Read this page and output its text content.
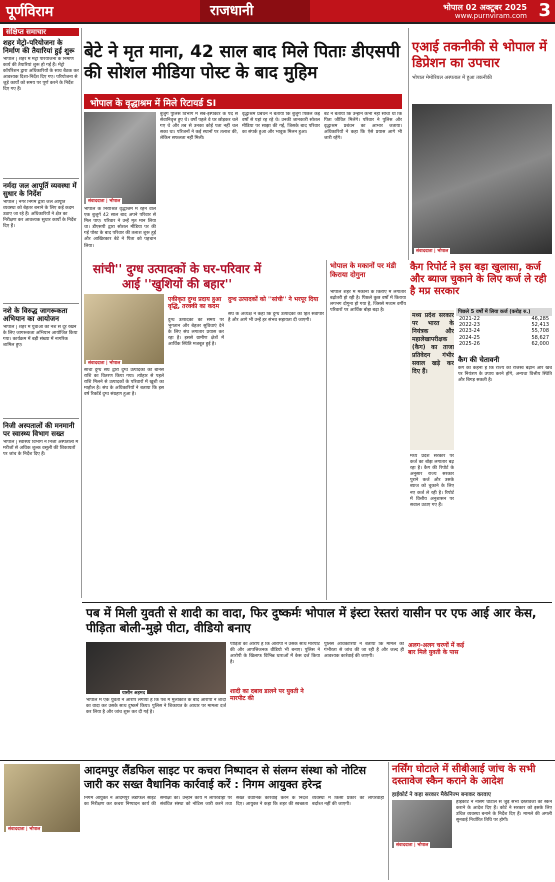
पूर्णविराम	राजधानी	भोपाल 02 अक्टूबर 2025
www.purnviram.com 3
संक्षिप्त समाचार
शहर मेट्रो-परियोजना के निर्माण की तैयारियां हुई शुरू
भोपाल | शहर में मेट्रो परियोजना के निर्माण कार्य की तैयारियां शुरू हो गई हैं। मेट्रो कॉर्पोरेशन द्वारा अधिकारियों के साथ बैठक कर आवश्यक दिशा-निर्देश दिए गए। परियोजना से जुड़े कार्यों को समय पर पूर्ण करने के निर्देश दिए गए हैं।
नर्मदा जल आपूर्ति व्यवस्था में सुधार के निर्देश
भोपाल | नगर निगम द्वारा जल आपूर्ति व्यवस्था को बेहतर बनाने के लिए कई कदम उठाए जा रहे हैं। अधिकारियों ने क्षेत्र का निरीक्षण कर आवश्यक सुधार कार्यों के निर्देश दिए हैं।
नशे के विरुद्ध जागरूकता अभियान का आयोजन
भोपाल | शहर में युवाओं को नशे से दूर रखने के लिए जागरूकता अभियान आयोजित किया गया। कार्यक्रम में बड़ी संख्या में नागरिक शामिल हुए।
निजी अस्पतालों की मनमानी पर स्वास्थ्य विभाग सख्त
भोपाल | स्वास्थ्य विभाग ने निजी अस्पतालों में मरीजों से अधिक शुल्क वसूली की शिकायतों पर जांच के निर्देश दिए हैं।
बेटे ने मृत माना, 42 साल बाद मिले पिताः डीएसपी की सोशल मीडिया पोस्ट के बाद मुहिम
भोपाल के वृद्धाश्रम में मिले रिटायर्ड SI
संवाददाता | भोपाल
भोपाल के निराश्रित वृद्धाश्रम में रहने वाले एक बुजुर्ग 42 साल बाद अपने परिवार से मिल पाए। परिवार ने उन्हें मृत मान लिया था। डीएसपी द्वारा सोशल मीडिया पर की गई पोस्ट के बाद परिवार की तलाश शुरू हुई और आखिरकार बेटे ने पिता को पहचान लिया।
बुजुर्ग पुलिस विभाग में सब-इंस्पेक्टर के पद से सेवानिवृत्त हुए थे। वर्षों पहले वे घर छोड़कर चले गए थे और तब से उनका कोई पता नहीं चल सका था। परिजनों ने कई स्थानों पर तलाश की, लेकिन सफलता नहीं मिली।
वृद्धाश्रम प्रबंधन ने बताया कि बुजुर्ग पिछले कई वर्षों से यहां रह रहे थे। उनकी जानकारी सोशल मीडिया पर साझा की गई, जिसके बाद परिवार का संपर्क हुआ और भावुक मिलन हुआ।
बेटे ने बताया कि उन्होंने कभी नहीं सोचा था कि पिता जीवित मिलेंगे। परिवार ने पुलिस और वृद्धाश्रम प्रबंधन का आभार जताया। अधिकारियों ने कहा कि ऐसे प्रयास आगे भी जारी रहेंगे।
एआई तकनीकी से भोपाल में डिप्रेशन का उपचार
भोपाल मेमोरियल अस्पताल में हुआ तकनीकी
संवाददाता | भोपाल
सांची'' दुग्ध उत्पादकों के घर-परिवार में आई ''खुशियों की बहार''
संवाददाता | भोपाल
सांची दुग्ध संघ द्वारा दुग्ध उत्पादकों को बोनस राशि का वितरण किया गया। त्योहार से पहले राशि मिलने से उत्पादकों के परिवारों में खुशी का माहौल है। संघ के अधिकारियों ने बताया कि इस वर्ष रिकॉर्ड दुग्ध संग्रहण हुआ है।
एकीकृत दुग्ध प्रदाय हुआ वृद्धि, तरक्की का कदम
दुग्ध उत्पादकों को समय पर भुगतान और बेहतर सुविधाएं देने के लिए संघ लगातार प्रयास कर रहा है। इससे ग्रामीण क्षेत्रों में आर्थिक स्थिति मजबूत हुई है।
दुग्ध उत्पादकों को ''सांची'' ने भरपूर दिया
संघ के अध्यक्ष ने कहा कि दुग्ध उत्पादकों का हित सर्वोपरि है और आगे भी उन्हें हर संभव सहायता दी जाएगी।
भोपाल के मकानों पर मंडी किराया दोगुना
भोपाल शहर में मकानों के किराए में लगातार बढ़ोतरी हो रही है। पिछले कुछ वर्षों में किराया लगभग दोगुना हो गया है, जिससे मध्यम वर्गीय परिवारों पर आर्थिक बोझ बढ़ा है।
कैग रिपोर्ट ने इस बड़ा खुलासा, कर्ज और ब्याज चुकाने के लिए कर्ज ले रही है मप्र सरकार
मध्य प्रदेश सरकार पर भारत के नियंत्रक और महालेखापरीक्षक (कैग) का ताजा प्रतिवेदन गंभीर सवाल खड़े कर दिए हैं।
मध्य प्रदेश सरकार पर कर्ज का बोझ लगातार बढ़ रहा है। कैग की रिपोर्ट के अनुसार राज्य सरकार पुराने कर्ज और उसके ब्याज को चुकाने के लिए नए कर्ज ले रही है। रिपोर्ट में वित्तीय अनुशासन पर सवाल उठाए गए हैं।
पिछले 5 वर्षों में लिया कर्ज (करोड़ रु.)
2021-22	46,285
2022-23	52,413
2023-24	55,708
2024-25	58,627
2025-26	62,000
कैग की चेतावनी
कैग का कहना है कि राज्य को राजस्व बढ़ाने और खर्च पर नियंत्रण के उपाय करने होंगे, अन्यथा वित्तीय स्थिति और बिगड़ सकती है।
पब में मिली युवती से शादी का वादा, फिर दुष्कर्मः भोपाल में इंस्टा रेस्तरां यासीन पर एफ आई आर केस, पीड़िता बोली-मुझे पीटा, वीडियो बनाए
यासीन अहमद
भोपाल में एक युवती ने आरोप लगाया है कि पब में मुलाकात के बाद आरोपी ने शादी का वादा कर उसके साथ दुष्कर्म किया। पुलिस ने शिकायत के आधार पर मामला दर्ज कर लिया है और जांच शुरू कर दी गई है।
शादी का दबाव डालने पर युवती ने मारपीट की
पीड़िता का आरोप है कि आरोपी ने उसके साथ मारपीट की और आपत्तिजनक वीडियो भी बनाए। पुलिस ने आरोपी के खिलाफ विभिन्न धाराओं में केस दर्ज किया है।
अलग-अलग चरणों में कई बार मिले युवती के पास
पुलिस अधिकारियों ने बताया कि मामले की गंभीरता से जांच की जा रही है और जल्द ही आवश्यक कार्रवाई की जाएगी।
आदमपुर लैंडफिल साइट पर कचरा निष्पादन से संलग्न संस्था को नोटिस जारी कर सख्त वैधानिक कार्रवाई करें : निगम आयुक्त हरेन्द्र
संवाददाता | भोपाल
निगम आयुक्त ने आदमपुर लैंडफिल साइट का निरीक्षण कर कचरा निष्पादन कार्य की समीक्षा की। उन्होंने कार्य में लापरवाही पर संबंधित संस्था को नोटिस जारी करने तथा सख्त वैधानिक कार्रवाई करने के निर्देश दिए। आयुक्त ने कहा कि शहर की स्वच्छता व्यवस्था में किसी प्रकार की लापरवाही बर्दाश्त नहीं की जाएगी।
नर्सिंग घोटाले में सीबीआई जांच के सभी दस्तावेज स्कैन कराने के आदेश
हाईकोर्ट ने कहा सरकार मैकेनिज्म बनाकर करवाए
संवाददाता | भोपाल
हाईकोर्ट ने नर्सिंग घोटाले से जुड़े सभी दस्तावेजों को स्कैन कराने के आदेश दिए हैं। कोर्ट ने सरकार को इसके लिए उचित व्यवस्था बनाने के निर्देश दिए हैं। मामले की अगली सुनवाई निर्धारित तिथि पर होगी।
